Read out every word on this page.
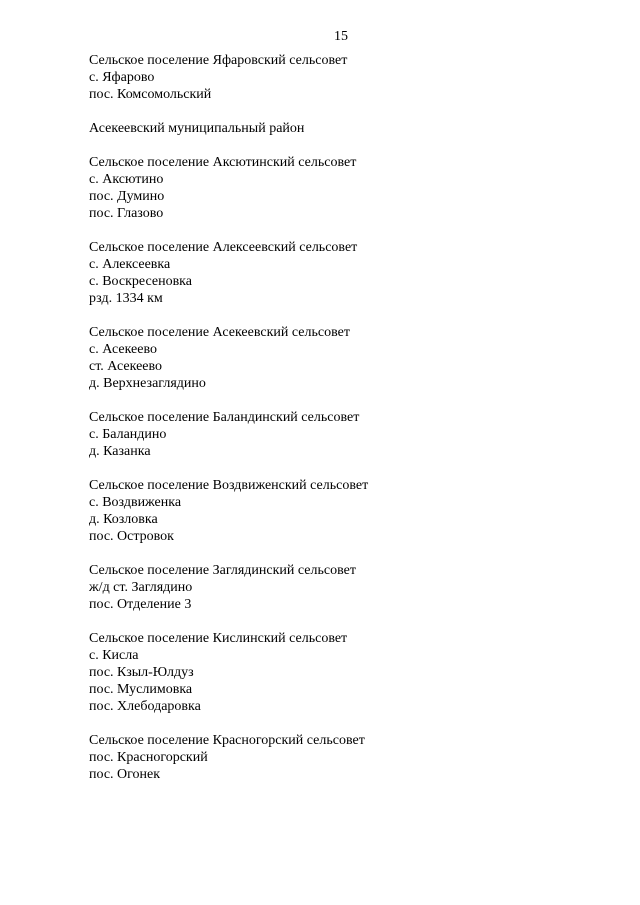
15
Сельское поселение Яфаровский сельсовет
с. Яфарово
пос. Комсомольский
Асекеевский муниципальный район
Сельское поселение Аксютинский сельсовет
с. Аксютино
пос. Думино
пос. Глазово
Сельское поселение Алексеевский сельсовет
с. Алексеевка
с. Воскресеновка
рзд. 1334 км
Сельское поселение Асекеевский сельсовет
с. Асекеево
ст. Асекеево
д. Верхнезаглядино
Сельское поселение Баландинский сельсовет
с. Баландино
д. Казанка
Сельское поселение Воздвиженский сельсовет
с. Воздвиженка
д. Козловка
пос. Островок
Сельское поселение Заглядинский сельсовет
ж/д ст. Заглядино
пос. Отделение 3
Сельское поселение Кислинский сельсовет
с. Кисла
пос. Кзыл-Юлдуз
пос. Муслимовка
пос. Хлебодаровка
Сельское поселение Красногорский сельсовет
пос. Красногорский
пос. Огонек
